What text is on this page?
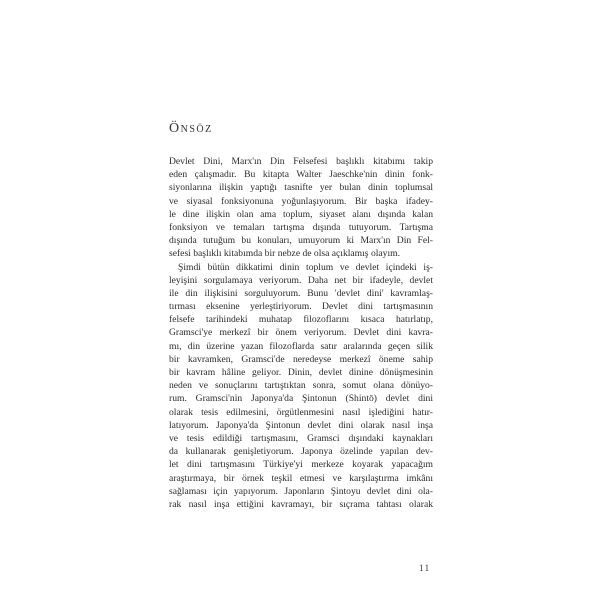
Önsöz
Devlet Dini, Marx'ın Din Felsefesi başlıklı kitabımı takip
eden çalışmadır. Bu kitapta Walter Jaeschke'nin dinin fonk-
siyonlarına ilişkin yaptığı tasnifte yer bulan dinin toplumsal
ve siyasal fonksiyonuna yoğunlaşıyorum. Bir başka ifadey-
le dine ilişkin olan ama toplum, siyaset alanı dışında kalan
fonksiyon ve temaları tartışma dışında tutuyorum. Tartışma
dışında tutuğum bu konuları, umuyorum ki Marx'ın Din Fel-
sefesi başlıklı kitabımda bir nebze de olsa açıklamış olayım.
Şimdi bütün dikkatimi dinin toplum ve devlet içindeki iş-
leyişini sorgulamaya veriyorum. Daha net bir ifadeyle, devlet
ile din ilişkisini sorguluyorum. Bunu 'devlet dini' kavramlaş-
tırması eksenine yerleştiriyorum. Devlet dini tartışmasının
felsefe tarihindeki muhatap filozoflarını kısaca hatırlatıp,
Gramsci'ye merkezî bir önem veriyorum. Devlet dini kavra-
mı, din üzerine yazan filozoflarda satır aralarında geçen silik
bir kavramken, Gramsci'de neredeyse merkezî öneme sahip
bir kavram hâline geliyor. Dinin, devlet dinine dönüşmesinin
neden ve sonuçlarını tartıştıktan sonra, somut olana dönüyo-
rum. Gramsci'nin Japonya'da Şintonun (Shintō) devlet dini
olarak tesis edilmesini, örgütlenmesini nasıl işlediğini hatır-
latıyorum. Japonya'da Şintonun devlet dini olarak nasıl inşa
ve tesis edildiği tartışmasını, Gramsci dışındaki kaynakları
da kullanarak genişletiyorum. Japonya özelinde yapılan dev-
let dini tartışmasını Türkiye'yi merkeze koyarak yapacağım
araştırmaya, bir örnek teşkil etmesi ve karşılaştırma imkânı
sağlaması için yapıyorum. Japonların Şintoyu devlet dini ola-
rak nasıl inşa ettiğini kavramayı, bir sıçrama tahtası olarak
11
